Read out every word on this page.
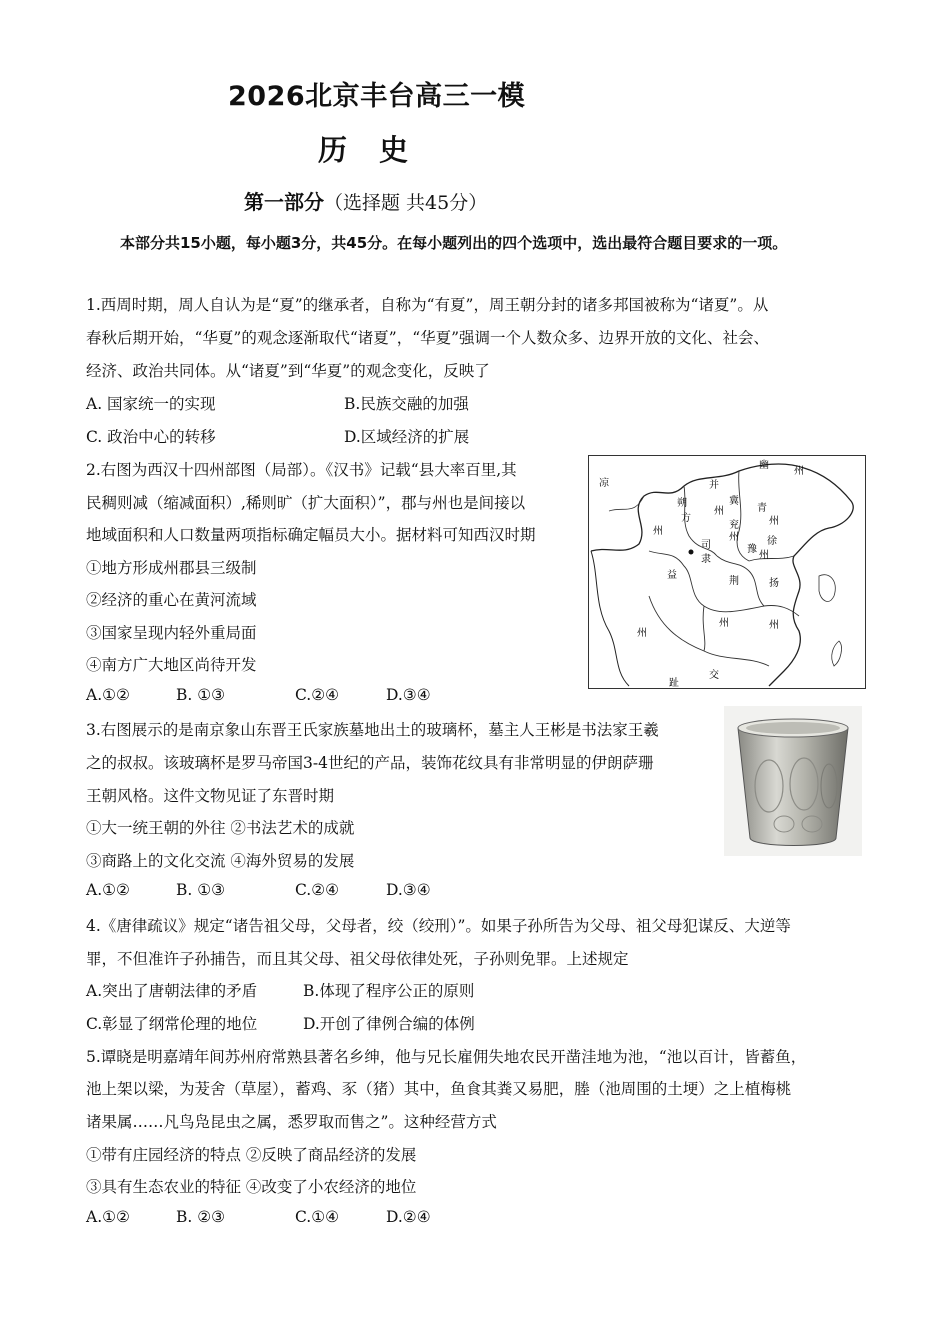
2026北京丰台高三一模
历史
第一部分（选择题 共45分）
本部分共15小题，每小题3分，共45分。在每小题列出的四个选项中，选出最符合题目要求的一项。
1.西周时期，周人自认为是“夏”的继承者，自称为“有夏”，周王朝分封的诸多邦国被称为“诸夏”。从
春秋后期开始，“华夏”的观念逐渐取代“诸夏”，“华夏”强调一个人数众多、边界开放的文化、社会、
经济、政治共同体。从“诸夏”到“华夏”的观念变化，反映了
A. 国家统一的实现	B.民族交融的加强
C. 政治中心的转移	D.区域经济的扩展
2.右图为西汉十四州部图（局部）。《汉书》记载“县大率百里,其
民稠则减（缩减面积）,稀则旷（扩大面积）”，郡与州也是间接以
地域面积和人口数量两项指标确定幅员大小。据材料可知西汉时期
①地方形成州郡县三级制
②经济的重心在黄河流域
③国家呈现内轻外重局面
④南方广大地区尚待开发
A.①②	B. ①③	C.②④	D.③④
凉
幽
州
并
冀
州
兖
州
青
州
朔
方
州
徐
豫
州
司
隶
益
荆	扬
州
州	州
交
趾
3.右图展示的是南京象山东晋王氏家族墓地出土的玻璃杯，墓主人王彬是书法家王羲
之的叔叔。该玻璃杯是罗马帝国3-4世纪的产品，装饰花纹具有非常明显的伊朗萨珊
王朝风格。这件文物见证了东晋时期
①大一统王朝的外往 ②书法艺术的成就
③商路上的文化交流 ④海外贸易的发展
A.①②	B. ①③	C.②④	D.③④
4.《唐律疏议》规定“诸告祖父母，父母者，绞（绞刑）”。如果子孙所告为父母、祖父母犯谋反、大逆等
罪，不但准许子孙捕告，而且其父母、祖父母依律处死，子孙则免罪。上述规定
A.突出了唐朝法律的矛盾	B.体现了程序公正的原则
C.彰显了纲常伦理的地位	D.开创了律例合编的体例
5.谭晓是明嘉靖年间苏州府常熟县著名乡绅，他与兄长雇佣失地农民开凿洼地为池，“池以百计，皆蓄鱼，
池上架以梁，为茇舍（草屋），蓄鸡、豕（猪）其中，鱼食其粪又易肥，塍（池周围的土埂）之上植梅桃
诸果属……凡鸟凫昆虫之属，悉罗取而售之”。这种经营方式
①带有庄园经济的特点 ②反映了商品经济的发展
③具有生态农业的特征 ④改变了小农经济的地位
A.①②	B. ②③	C.①④	D.②④
